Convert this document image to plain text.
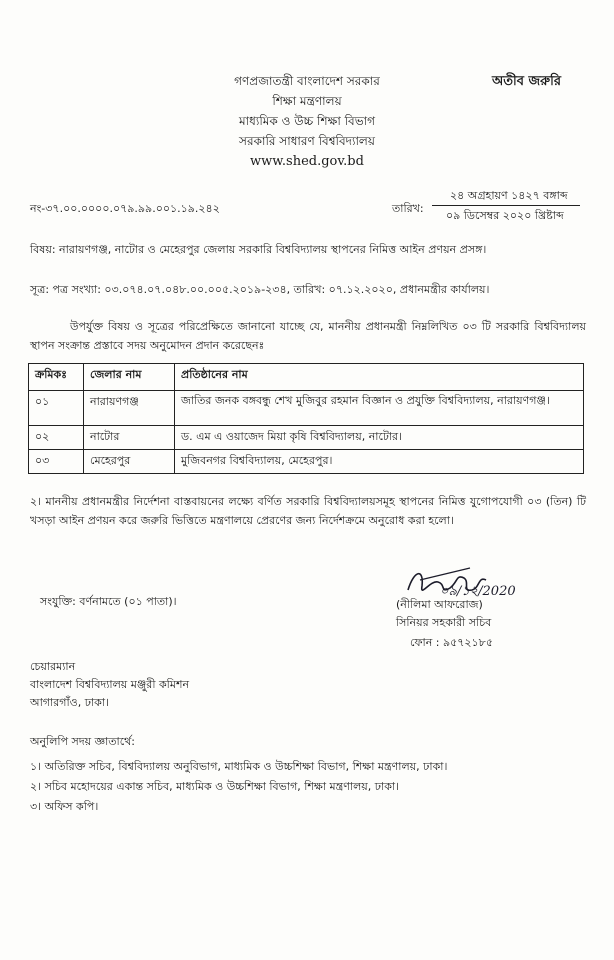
অতীব জরুরি
গণপ্রজাতন্ত্রী বাংলাদেশ সরকার
শিক্ষা মন্ত্রণালয়
মাধ্যমিক ও উচ্চ শিক্ষা বিভাগ
সরকারি সাধারণ বিশ্ববিদ্যালয়
www.shed.gov.bd
নং-৩৭.০০.০০০০.০৭৯.৯৯.০০১.১৯.২৪২	তারিখ:
২৪ অগ্রহায়ণ ১৪২৭ বঙ্গাব্দ
০৯ ডিসেম্বর ২০২০ খ্রিষ্টাব্দ
বিষয়: নারায়ণগঞ্জ, নাটোর ও মেহেরপুর জেলায় সরকারি বিশ্ববিদ্যালয় স্থাপনের নিমিত্ত আইন প্রণয়ন প্রসঙ্গ।
সূত্র: পত্র সংখ্যা: ০৩.০৭৪.০৭.০৪৮.০০.০০৫.২০১৯-২৩৪, তারিখ: ০৭.১২.২০২০, প্রধানমন্ত্রীর কার্যালয়।
উপর্যুক্ত বিষয় ও সূত্রের পরিপ্রেক্ষিতে জানানো যাচ্ছে যে, মাননীয় প্রধানমন্ত্রী নিম্নলিখিত ০৩ টি সরকারি বিশ্ববিদ্যালয় স্থাপন সংক্রান্ত প্রস্তাবে সদয় অনুমোদন প্রদান করেছেনঃ
ক্রমিকঃ	জেলার নাম	প্রতিষ্ঠানের নাম
০১	নারায়ণগঞ্জ	জাতির জনক বঙ্গবন্ধু শেখ মুজিবুর রহমান বিজ্ঞান ও প্রযুক্তি বিশ্ববিদ্যালয়, নারায়ণগঞ্জ।
০২	নাটোর	ড. এম এ ওয়াজেদ মিয়া কৃষি বিশ্ববিদ্যালয়, নাটোর।
০৩	মেহেরপুর	মুজিবনগর বিশ্ববিদ্যালয়, মেহেরপুর।
২। মাননীয় প্রধানমন্ত্রীর নির্দেশনা বাস্তবায়নের লক্ষ্যে বর্ণিত সরকারি বিশ্ববিদ্যালয়সমূহ স্থাপনের নিমিত্ত যুগোপযোগী ০৩ (তিন) টি খসড়া আইন প্রণয়ন করে জরুরি ভিত্তিতে মন্ত্রণালয়ে প্রেরণের জন্য নির্দেশক্রমে অনুরোধ করা হলো।
সংযুক্তি: বর্ণনামতে (০১ পাতা)।
০৯/১২/2020
(নীলিমা আফরোজ)
সিনিয়র সহকারী সচিব
ফোন : ৯৫৭২১৮৫
চেয়ারম্যান
বাংলাদেশ বিশ্ববিদ্যালয় মঞ্জুরী কমিশন
আগারগাঁও, ঢাকা।
অনুলিপি সদয় জ্ঞাতার্থে:
১। অতিরিক্ত সচিব, বিশ্ববিদ্যালয় অনুবিভাগ, মাধ্যমিক ও উচ্চশিক্ষা বিভাগ, শিক্ষা মন্ত্রণালয়, ঢাকা।
২। সচিব মহোদয়ের একান্ত সচিব, মাধ্যমিক ও উচ্চশিক্ষা বিভাগ, শিক্ষা মন্ত্রণালয়, ঢাকা।
৩। অফিস কপি।
